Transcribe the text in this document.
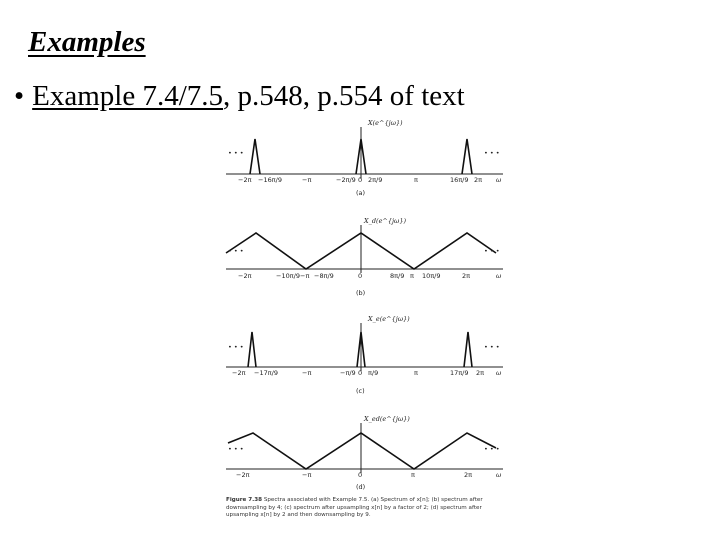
Examples
• Example 7.4/7.5, p.548, p.554 of text
X(e^{jω})
• • •	• • •
−2π −16π/9	−π	−2π/9 0 2π/9	π	16π/9 2π ω
(a)
X_d(e^{jω})
• • •	• • •
−2π	−10π/9 −π −8π/9	0	8π/9 π 10π/9	2π	ω
(b)
X_e(e^{jω})
• • •	• • •
−2π −17π/9	−π	−π/9 0 π/9	π	17π/9 2π ω
(c)
X_ed(e^{jω})
• • •	• • •
−2π	−π	0	π	2π	ω
(d)
Figure 7.38 Spectra associated with Example 7.5. (a) Spectrum of x[n]; (b) spectrum after downsampling by 4; (c) spectrum after upsampling x[n] by a factor of 2; (d) spectrum after upsampling x[n] by 2 and then downsampling by 9.
